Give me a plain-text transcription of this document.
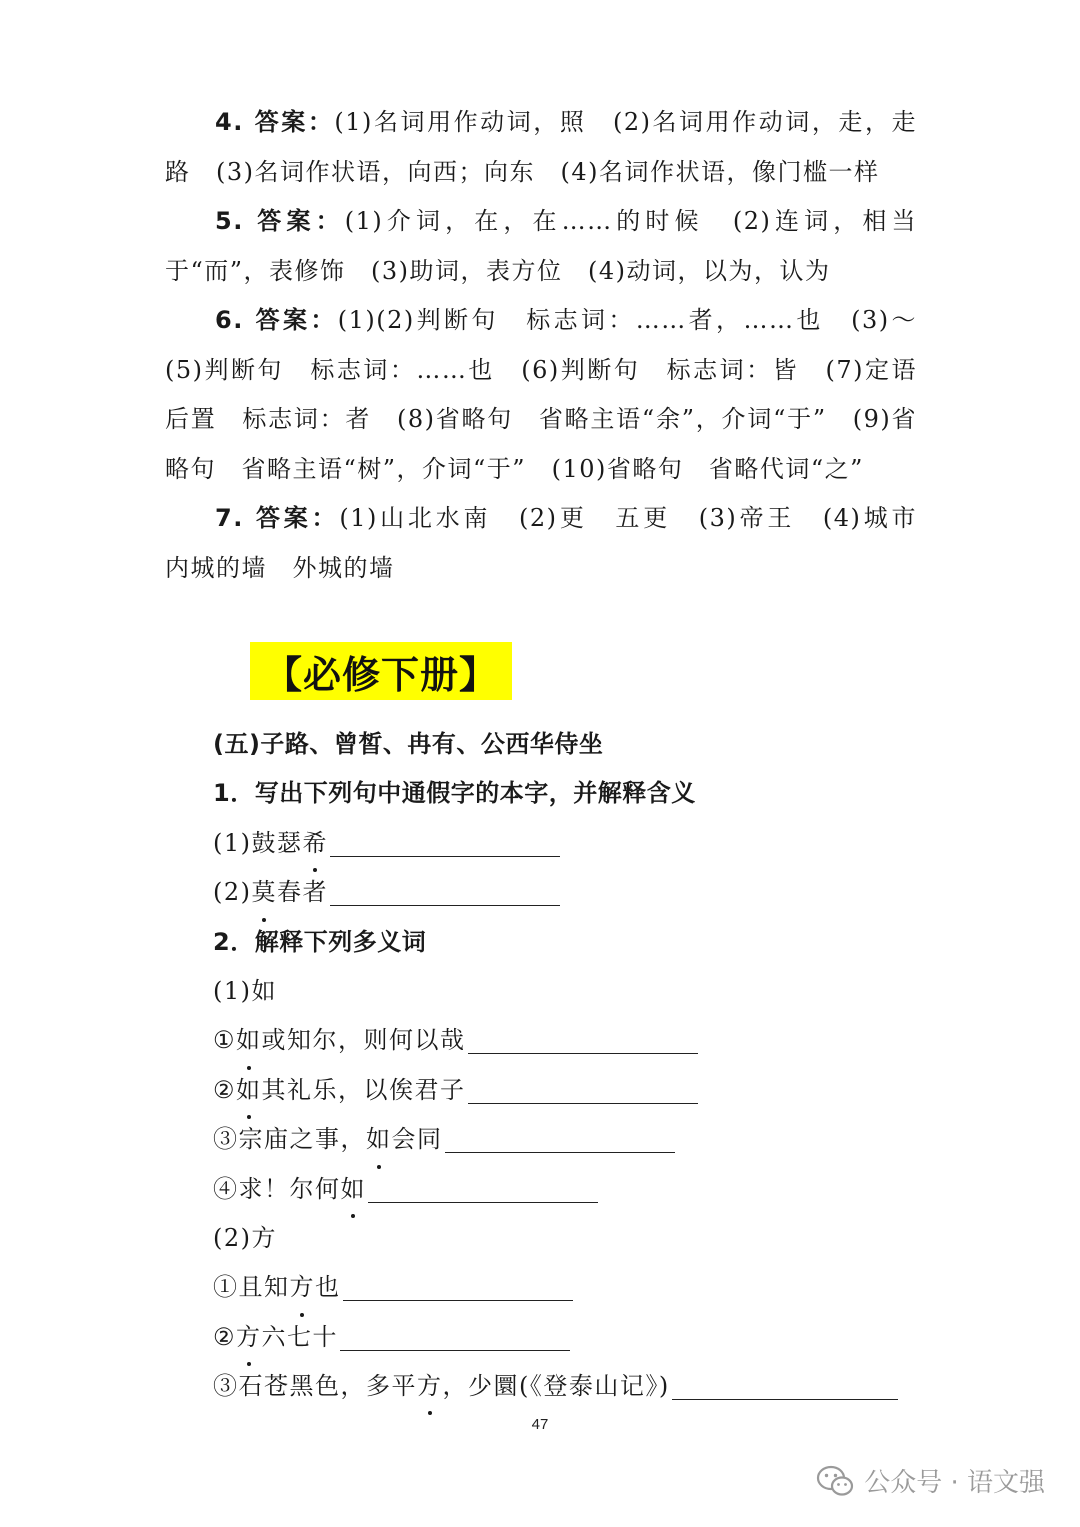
4. 答案：(1)名词用作动词，照　(2)名词用作动词，走，走路　(3)名词作状语，向西；向东　(4)名词作状语，像门槛一样

5. 答案：(1)介词，在，在……的时候　(2)连词，相当于“而”，表修饰　(3)助词，表方位　(4)动词，以为，认为

6. 答案：(1)(2)判断句　标志词：……者，……也　(3)～(5)判断句　标志词：……也　(6)判断句　标志词：皆　(7)定语后置　标志词：者　(8)省略句　省略主语“余”，介词“于”　(9)省略句　省略主语“树”，介词“于”　(10)省略句　省略代词“之”

7. 答案：(1)山北水南　(2)更　五更　(3)帝王　(4)城市　内城的墙　外城的墙

【必修下册】
(五)子路、曾皙、冉有、公西华侍坐
1．写出下列句中通假字的本字，并解释含义
(1)鼓瑟希
(2)莫春者
2．解释下列多义词
(1)如
①如或知尔，则何以哉
②如其礼乐，以俟君子
③宗庙之事，如会同
④求！尔何如
(2)方
①且知方也
②方六七十
③石苍黑色，多平方，少圜(《登泰山记》)
47
公众号 · 语文强
